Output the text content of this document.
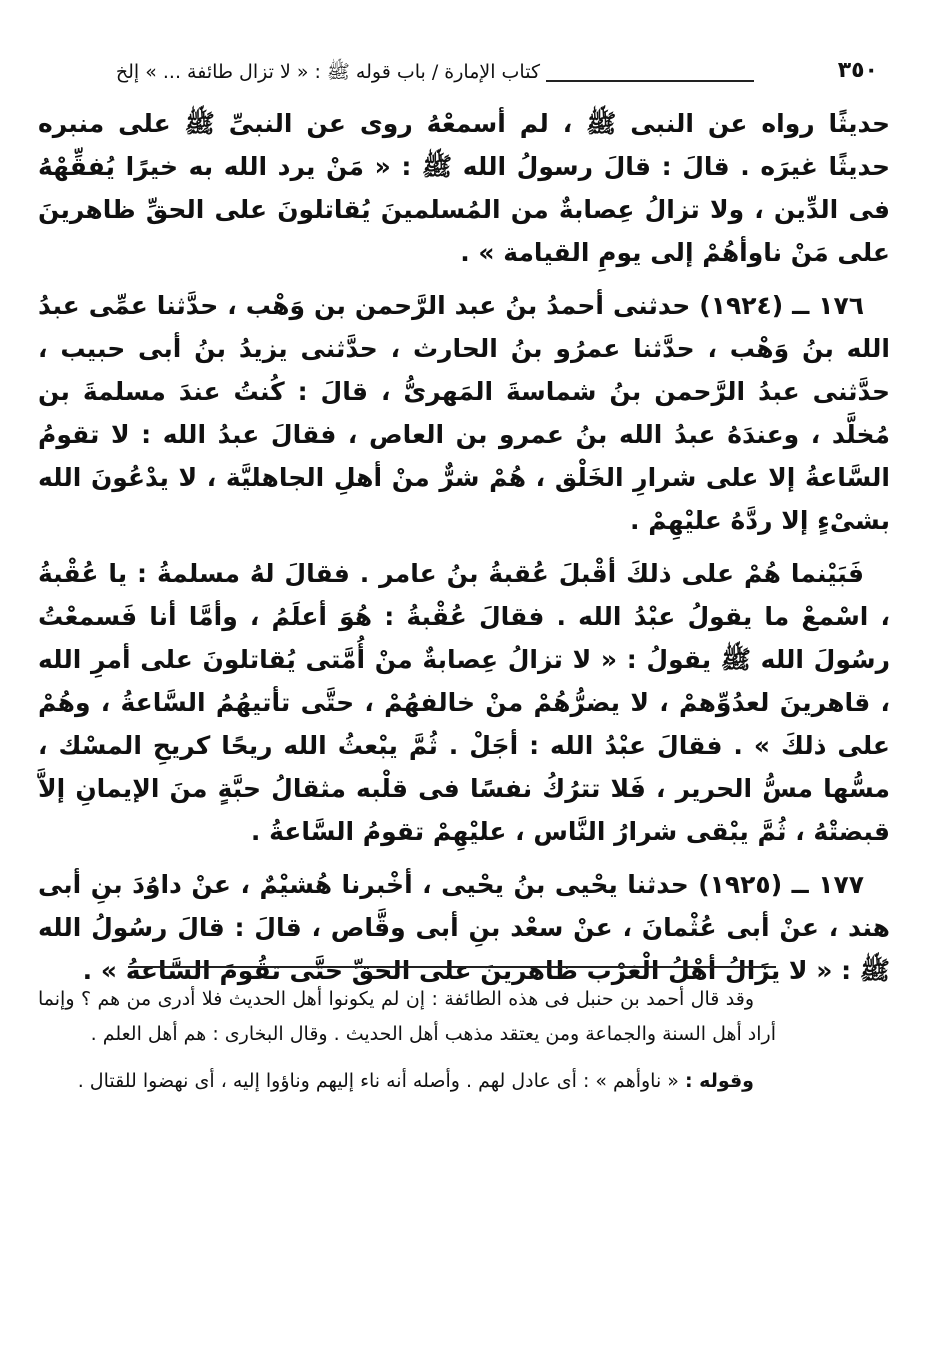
٣٥٠
كتاب الإمارة / باب قوله ﷺ : « لا تزال طائفة ... » إلخ

حديثًا رواه عن النبى ﷺ ، لم أسمعْهُ روى عن النبىِّ ﷺ على منبره حديثًا غيرَه . قالَ : قالَ رسولُ الله ﷺ : « مَنْ يرد الله به خيرًا يُفقِّهْهُ فى الدِّين ، ولا تزالُ عِصابةٌ من المُسلمينَ يُقاتلونَ على الحقِّ ظاهرينَ على مَنْ ناوأهُمْ إلى يومِ القيامة » .

١٧٦ ــ (١٩٢٤) حدثنى أحمدُ بنُ عبد الرَّحمن بن وَهْب ، حدَّثنا عمِّى عبدُ الله بنُ وَهْب ، حدَّثنا عمرُو بنُ الحارث ، حدَّثنى يزيدُ بنُ أبى حبيب ، حدَّثنى عبدُ الرَّحمن بنُ شماسةَ المَهرىُّ ، قالَ : كُنتُ عندَ مسلمةَ بن مُخلَّد ، وعندَهُ عبدُ الله بنُ عمرو بن العاص ، فقالَ عبدُ الله : لا تقومُ السَّاعةُ إلا على شرارِ الخَلْق ، هُمْ شرٌّ منْ أهلِ الجاهليَّة ، لا يدْعُونَ الله بشىْءٍ إلا ردَّهُ عليْهِمْ .

فَبَيْنما هُمْ على ذلكَ أقْبلَ عُقبةُ بنُ عامر . فقالَ لهُ مسلمةُ : يا عُقْبةُ ، اسْمعْ ما يقولُ عبْدُ الله . فقالَ عُقْبةُ : هُوَ أعلَمُ ، وأمَّا أنا فَسمعْتُ رسُولَ الله ﷺ يقولُ : « لا تزالُ عِصابةٌ منْ أُمَّتى يُقاتلونَ على أمرِ الله ، قاهرينَ لعدُوِّهمْ ، لا يضرُّهُمْ منْ خالفهُمْ ، حتَّى تأتيهُمُ السَّاعةُ ، وهُمْ على ذلكَ » . فقالَ عبْدُ الله : أجَلْ . ثُمَّ يبْعثُ الله ريحًا كريحِ المسْك ، مسُّها مسُّ الحرير ، فَلا تترُكُ نفسًا فى قلْبه مثقالُ حبَّةٍ منَ الإيمانِ إلاَّ قبضتْهُ ، ثُمَّ يبْقى شرارُ النَّاس ، عليْهِمْ تقومُ السَّاعةُ .

١٧٧ ــ (١٩٢٥) حدثنا يحْيى بنُ يحْيى ، أخْبرنا هُشيْمٌ ، عنْ داوُدَ بنِ أبى هند ، عنْ أبى عُثْمانَ ، عنْ سعْد بنِ أبى وقَّاص ، قالَ : قالَ رسُولُ الله ﷺ : « لا يزَالُ أهْلُ الْغرْب ظاهرينَ على الحقِّ حتَّى تقُومَ السَّاعةُ » .

وقد قال أحمد بن حنبل فى هذه الطائفة : إن لم يكونوا أهل الحديث فلا أدرى من هم ؟ وإنما أراد أهل السنة والجماعة ومن يعتقد مذهب أهل الحديث . وقال البخارى : هم أهل العلم .

وقوله : « ناوأهم » : أى عادل لهم . وأصله أنه ناء إليهم وناؤوا إليه ، أى نهضوا للقتال .
